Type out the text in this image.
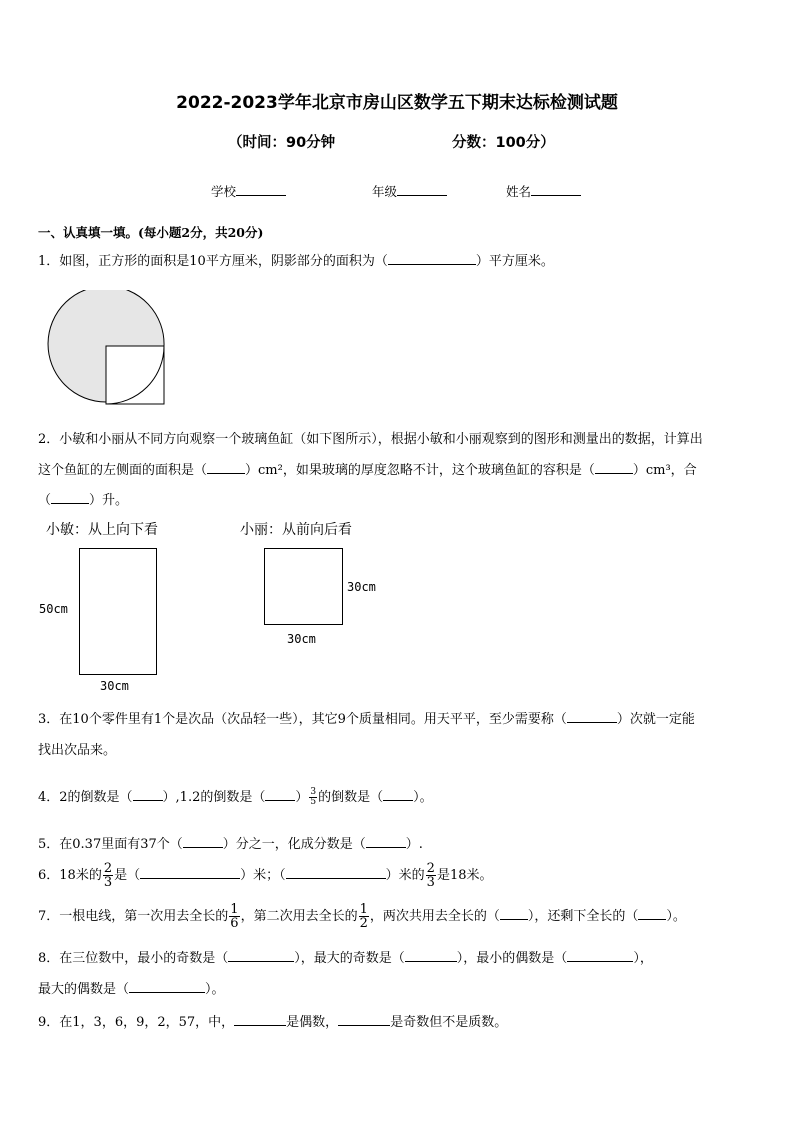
2022-2023学年北京市房山区数学五下期末达标检测试题
（时间：90分钟	分数：100分）
学校	年级	姓名
一、认真填一填。(每小题2分，共20分)
1．如图，正方形的面积是10平方厘米，阴影部分的面积为（	）平方厘米。
2．小敏和小丽从不同方向观察一个玻璃鱼缸（如下图所示），根据小敏和小丽观察到的图形和测量出的数据，计算出
这个鱼缸的左侧面的面积是（	）cm²，如果玻璃的厚度忽略不计，这个玻璃鱼缸的容积是（	）cm³，合
（	）升。
小敏：从上向下看	小丽：从前向后看
50cm
30cm
30cm
30cm
3．在10个零件里有1个是次品（次品轻一些），其它9个质量相同。用天平平，至少需要称（	）次就一定能
找出次品来。
4．2的倒数是（ ）,1.2的倒数是（ ） $\frac{3}{5}$ 的倒数是（ ）。
5．在0.37里面有37个（	）分之一，化成分数是（	）.
6．18米的 $\frac{2}{3}$ 是（	）米；（	）米的 $\frac{2}{3}$ 是18米。
7．一根电线，第一次用去全长的 $\frac{1}{6}$ ，第二次用去全长的 $\frac{1}{2}$ ，两次共用去全长的（ ），还剩下全长的（ ）。
8．在三位数中，最小的奇数是（	），最大的奇数是（	），最小的偶数是（	），
最大的偶数是（	）。
9．在1，3，6，9，2，57，中，	是偶数，	是奇数但不是质数。
